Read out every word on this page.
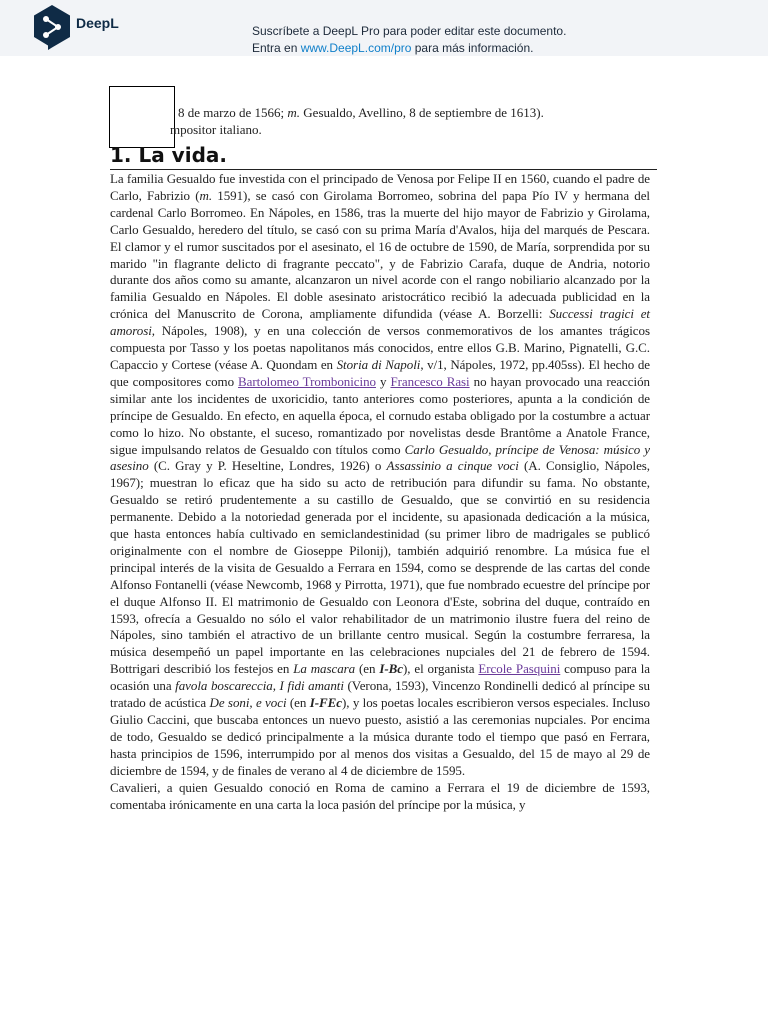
DeepL	Suscríbete a DeepL Pro para poder editar este documento.
Entra en www.DeepL.com/pro para más información.
8 de marzo de 1566; m. Gesualdo, Avellino, 8 de septiembre de 1613).
mpositor italiano.
1. La vida.

La familia Gesualdo fue investida con el principado de Venosa por Felipe II en 1560, cuando el padre de Carlo, Fabrizio (m. 1591), se casó con Girolama Borromeo, sobrina del papa Pío IV y hermana del cardenal Carlo Borromeo. En Nápoles, en 1586, tras la muerte del hijo mayor de Fabrizio y Girolama, Carlo Gesualdo, heredero del título, se casó con su prima María d'Avalos, hija del marqués de Pescara. El clamor y el rumor suscitados por el asesinato, el 16 de octubre de 1590, de María, sorprendida por su marido "in flagrante delicto di fragrante peccato", y de Fabrizio Carafa, duque de Andria, notorio durante dos años como su amante, alcanzaron un nivel acorde con el rango nobiliario alcanzado por la familia Gesualdo en Nápoles. El doble asesinato aristocrático recibió la adecuada publicidad en la crónica del Manuscrito de Corona, ampliamente difundida (véase A. Borzelli: Successi tragici et amorosi, Nápoles, 1908), y en una colección de versos conmemorativos de los amantes trágicos compuesta por Tasso y los poetas napolitanos más conocidos, entre ellos G.B. Marino, Pignatelli, G.C. Capaccio y Cortese (véase A. Quondam en Storia di Napoli, v/1, Nápoles, 1972, pp.405ss). El hecho de que compositores como Bartolomeo Trombonicino y Francesco Rasi no hayan provocado una reacción similar ante los incidentes de uxoricidio, tanto anteriores como posteriores, apunta a la condición de príncipe de Gesualdo. En efecto, en aquella época, el cornudo estaba obligado por la costumbre a actuar como lo hizo. No obstante, el suceso, romantizado por novelistas desde Brantôme a Anatole France, sigue impulsando relatos de Gesualdo con títulos como Carlo Gesualdo, príncipe de Venosa: músico y asesino (C. Gray y P. Heseltine, Londres, 1926) o Assassinio a cinque voci (A. Consiglio, Nápoles, 1967); muestran lo eficaz que ha sido su acto de retribución para difundir su fama. No obstante, Gesualdo se retiró prudentemente a su castillo de Gesualdo, que se convirtió en su residencia permanente. Debido a la notoriedad generada por el incidente, su apasionada dedicación a la música, que hasta entonces había cultivado en semiclandestinidad (su primer libro de madrigales se publicó originalmente con el nombre de Gioseppe Pilonij), también adquirió renombre. La música fue el principal interés de la visita de Gesualdo a Ferrara en 1594, como se desprende de las cartas del conde Alfonso Fontanelli (véase Newcomb, 1968 y Pirrotta, 1971), que fue nombrado ecuestre del príncipe por el duque Alfonso II. El matrimonio de Gesualdo con Leonora d'Este, sobrina del duque, contraído en 1593, ofrecía a Gesualdo no sólo el valor rehabilitador de un matrimonio ilustre fuera del reino de Nápoles, sino también el atractivo de un brillante centro musical. Según la costumbre ferraresa, la música desempeñó un papel importante en las celebraciones nupciales del 21 de febrero de 1594. Bottrigari describió los festejos en La mascara (en I-Bc), el organista Ercole Pasquini compuso para la ocasión una favola boscareccia, I fidi amanti (Verona, 1593), Vincenzo Rondinelli dedicó al príncipe su tratado de acústica De soni, e voci (en I-FEc), y los poetas locales escribieron versos especiales. Incluso Giulio Caccini, que buscaba entonces un nuevo puesto, asistió a las ceremonias nupciales. Por encima de todo, Gesualdo se dedicó principalmente a la música durante todo el tiempo que pasó en Ferrara, hasta principios de 1596, interrumpido por al menos dos visitas a Gesualdo, del 15 de mayo al 29 de diciembre de 1594, y de finales de verano al 4 de diciembre de 1595.

Cavalieri, a quien Gesualdo conoció en Roma de camino a Ferrara el 19 de diciembre de 1593, comentaba irónicamente en una carta la loca pasión del príncipe por la música, y
